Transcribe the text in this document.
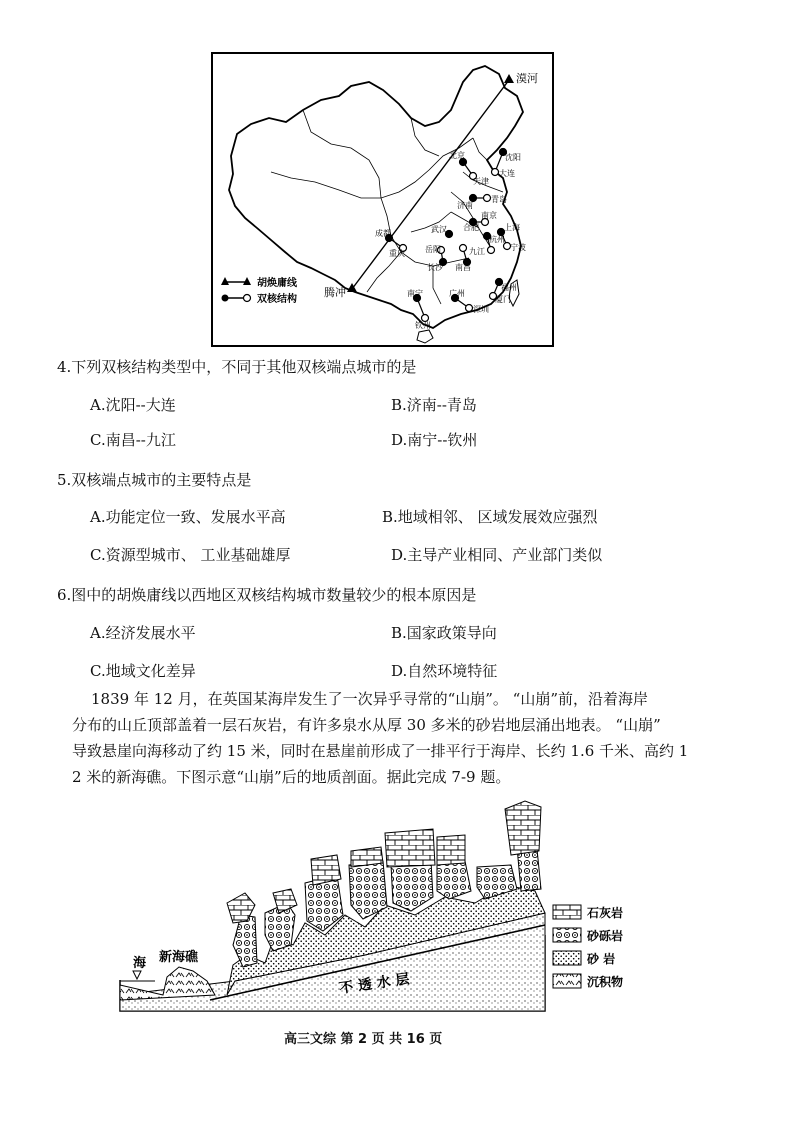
漠河
腾冲
北京
天津
沈阳
大连
济南
青岛
成都
重庆
武汉 合肥
南京
上海
宁波
杭州
长沙
岳阳
南昌
九江
福州
厦门
广州
深圳
南宁
钦州
胡焕庸线
双核结构
4.下列双核结构类型中，不同于其他双核端点城市的是
A.沈阳--大连	B.济南--青岛
C.南昌--九江	D.南宁--钦州
5.双核端点城市的主要特点是
A.功能定位一致、发展水平高	B.地域相邻、 区域发展效应强烈
C.资源型城市、 工业基础雄厚	D.主导产业相同、产业部门类似
6.图中的胡焕庸线以西地区双核结构城市数量较少的根本原因是
A.经济发展水平	B.国家政策导向
C.地域文化差异	D.自然环境特征
1839 年 12 月，在英国某海岸发生了一次异乎寻常的“山崩”。 “山崩”前，沿着海岸
分布的山丘顶部盖着一层石灰岩，有许多泉水从厚 30 多米的砂岩地层涌出地表。 “山崩”
导致悬崖向海移动了约 15 米，同时在悬崖前形成了一排平行于海岸、长约 1.6 千米、高约 1
2 米的新海礁。下图示意“山崩”后的地质剖面。据此完成 7-9 题。
海 新海礁
不 透 水 层
石灰岩
砂砾岩
砂 岩
沉积物
高三文综 第 2 页 共 16 页
